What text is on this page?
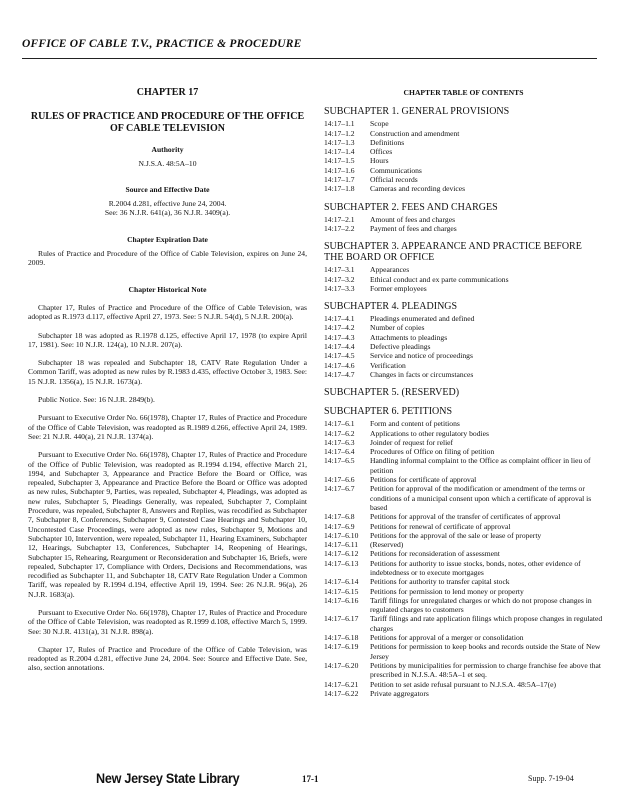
OFFICE OF CABLE T.V., PRACTICE & PROCEDURE
CHAPTER 17
RULES OF PRACTICE AND PROCEDURE OF THE OFFICE OF CABLE TELEVISION
Authority
N.J.S.A. 48:5A–10
Source and Effective Date
R.2004 d.281, effective June 24, 2004.
See: 36 N.J.R. 641(a), 36 N.J.R. 3409(a).
Chapter Expiration Date
Rules of Practice and Procedure of the Office of Cable Television, expires on June 24, 2009.
Chapter Historical Note

Chapter 17, Rules of Practice and Procedure of the Office of Cable Television, was adopted as R.1973 d.117, effective April 27, 1973. See: 5 N.J.R. 54(d), 5 N.J.R. 200(a).

Subchapter 18 was adopted as R.1978 d.125, effective April 17, 1978 (to expire April 17, 1981). See: 10 N.J.R. 124(a), 10 N.J.R. 207(a).

Subchapter 18 was repealed and Subchapter 18, CATV Rate Regulation Under a Common Tariff, was adopted as new rules by R.1983 d.435, effective October 3, 1983. See: 15 N.J.R. 1356(a), 15 N.J.R. 1673(a).

Public Notice. See: 16 N.J.R. 2849(b).

Pursuant to Executive Order No. 66(1978), Chapter 17, Rules of Practice and Procedure of the Office of Cable Television, was readopted as R.1989 d.266, effective April 24, 1989. See: 21 N.J.R. 440(a), 21 N.J.R. 1374(a).

Pursuant to Executive Order No. 66(1978), Chapter 17, Rules of Practice and Procedure of the Office of Public Television, was readopted as R.1994 d.194, effective March 21, 1994, and Subchapter 3, Appearance and Practice Before the Board or Office, was repealed, Subchapter 3, Appearance and Practice Before the Board or Office was adopted as new rules, Subchapter 9, Parties, was repealed, Subchapter 4, Pleadings, was adopted as new rules, Subchapter 5, Pleadings Generally, was repealed, Subchapter 7, Complaint Procedure, was repealed, Subchapter 8, Answers and Replies, was recodified as Subchapter 7, Subchapter 8, Conferences, Subchapter 9, Contested Case Hearings and Subchapter 10, Uncontested Case Proceedings, were adopted as new rules, Subchapter 9, Motions and Subchapter 10, Intervention, were repealed, Subchapter 11, Hearing Examiners, Subchapter 12, Hearings, Subchapter 13, Conferences, Subchapter 14, Reopening of Hearings, Subchapter 15, Rehearing, Reargument or Reconsideration and Subchapter 16, Briefs, were repealed, Subchapter 17, Compliance with Orders, Decisions and Recommendations, was recodified as Subchapter 11, and Subchapter 18, CATV Rate Regulation Under a Common Tariff, was repealed by R.1994 d.194, effective April 19, 1994. See: 26 N.J.R. 96(a), 26 N.J.R. 1683(a).

Pursuant to Executive Order No. 66(1978), Chapter 17, Rules of Practice and Procedure of the Office of Cable Television, was readopted as R.1999 d.108, effective March 5, 1999. See: 30 N.J.R. 4131(a), 31 N.J.R. 898(a).

Chapter 17, Rules of Practice and Procedure of the Office of Cable Television, was readopted as R.2004 d.281, effective June 24, 2004. See: Source and Effective Date. See, also, section annotations.

CHAPTER TABLE OF CONTENTS
SUBCHAPTER 1. GENERAL PROVISIONS
14:17–1.1	Scope
14:17–1.2	Construction and amendment
14:17–1.3	Definitions
14:17–1.4	Offices
14:17–1.5	Hours
14:17–1.6	Communications
14:17–1.7	Official records
14:17–1.8	Cameras and recording devices
SUBCHAPTER 2. FEES AND CHARGES
14:17–2.1	Amount of fees and charges
14:17–2.2	Payment of fees and charges
SUBCHAPTER 3. APPEARANCE AND PRACTICE BEFORE THE BOARD OR OFFICE
14:17–3.1	Appearances
14:17–3.2	Ethical conduct and ex parte communications
14:17–3.3	Former employees
SUBCHAPTER 4. PLEADINGS
14:17–4.1	Pleadings enumerated and defined
14:17–4.2	Number of copies
14:17–4.3	Attachments to pleadings
14:17–4.4	Defective pleadings
14:17–4.5	Service and notice of proceedings
14:17–4.6	Verification
14:17–4.7	Changes in facts or circumstances
SUBCHAPTER 5. (RESERVED)
SUBCHAPTER 6. PETITIONS
14:17–6.1	Form and content of petitions
14:17–6.2	Applications to other regulatory bodies
14:17–6.3	Joinder of request for relief
14:17–6.4	Procedures of Office on filing of petition
14:17–6.5	Handling informal complaint to the Office as complaint officer in lieu of petition
14:17–6.6	Petitions for certificate of approval
14:17–6.7	Petition for approval of the modification or amendment of the terms or conditions of a municipal consent upon which a certificate of approval is based
14:17–6.8	Petitions for approval of the transfer of certificates of approval
14:17–6.9	Petitions for renewal of certificate of approval
14:17–6.10	Petitions for the approval of the sale or lease of property
14:17–6.11	(Reserved)
14:17–6.12	Petitions for reconsideration of assessment
14:17–6.13	Petitions for authority to issue stocks, bonds, notes, other evidence of indebtedness or to execute mortgages
14:17–6.14	Petitions for authority to transfer capital stock
14:17–6.15	Petitions for permission to lend money or property
14:17–6.16	Tariff filings for unregulated charges or which do not propose changes in regulated charges to customers
14:17–6.17	Tariff filings and rate application filings which propose changes in regulated charges
14:17–6.18	Petitions for approval of a merger or consolidation
14:17–6.19	Petitions for permission to keep books and records outside the State of New Jersey
14:17–6.20	Petitions by municipalities for permission to charge franchise fee above that prescribed in N.J.S.A. 48:5A–1 et seq.
14:17–6.21	Petition to set aside refusal pursuant to N.J.S.A. 48:5A–17(e)
14:17–6.22	Private aggregators
New Jersey State Library	17-1	Supp. 7-19-04
